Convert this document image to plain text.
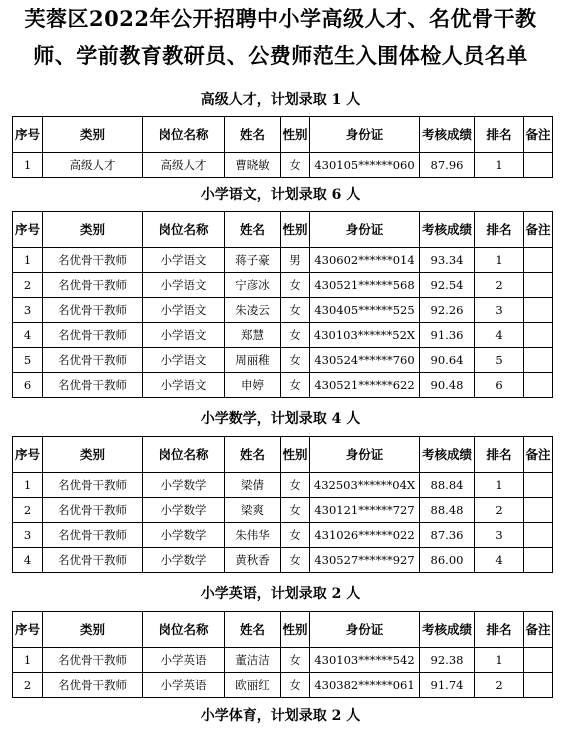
芙蓉区2022年公开招聘中小学高级人才、名优骨干教
师、学前教育教研员、公费师范生入围体检人员名单
高级人才，计划录取 1 人
序号	类别	岗位名称	姓名	性别	身份证	考核成绩	排名	备注
1	高级人才	高级人才	曹晓敏	女	430105******060	87.96	1	
小学语文，计划录取 6 人
序号	类别	岗位名称	姓名	性别	身份证	考核成绩	排名	备注
1	名优骨干教师	小学语文	蒋子豪	男	430602******014	93.34	1	
2	名优骨干教师	小学语文	宁彦冰	女	430521******568	92.54	2	
3	名优骨干教师	小学语文	朱凌云	女	430405******525	92.26	3	
4	名优骨干教师	小学语文	郑慧	女	430103******52X	91.36	4	
5	名优骨干教师	小学语文	周丽稚	女	430524******760	90.64	5	
6	名优骨干教师	小学语文	申婷	女	430521******622	90.48	6	
小学数学，计划录取 4 人
序号	类别	岗位名称	姓名	性别	身份证	考核成绩	排名	备注
1	名优骨干教师	小学数学	梁倩	女	432503******04X	88.84	1	
2	名优骨干教师	小学数学	梁爽	女	430121******727	88.48	2	
3	名优骨干教师	小学数学	朱伟华	女	431026******022	87.36	3	
4	名优骨干教师	小学数学	黄秋香	女	430527******927	86.00	4	
小学英语，计划录取 2 人
序号	类别	岗位名称	姓名	性别	身份证	考核成绩	排名	备注
1	名优骨干教师	小学英语	董洁洁	女	430103******542	92.38	1	
2	名优骨干教师	小学英语	欧丽红	女	430382******061	91.74	2	
小学体育，计划录取 2 人
